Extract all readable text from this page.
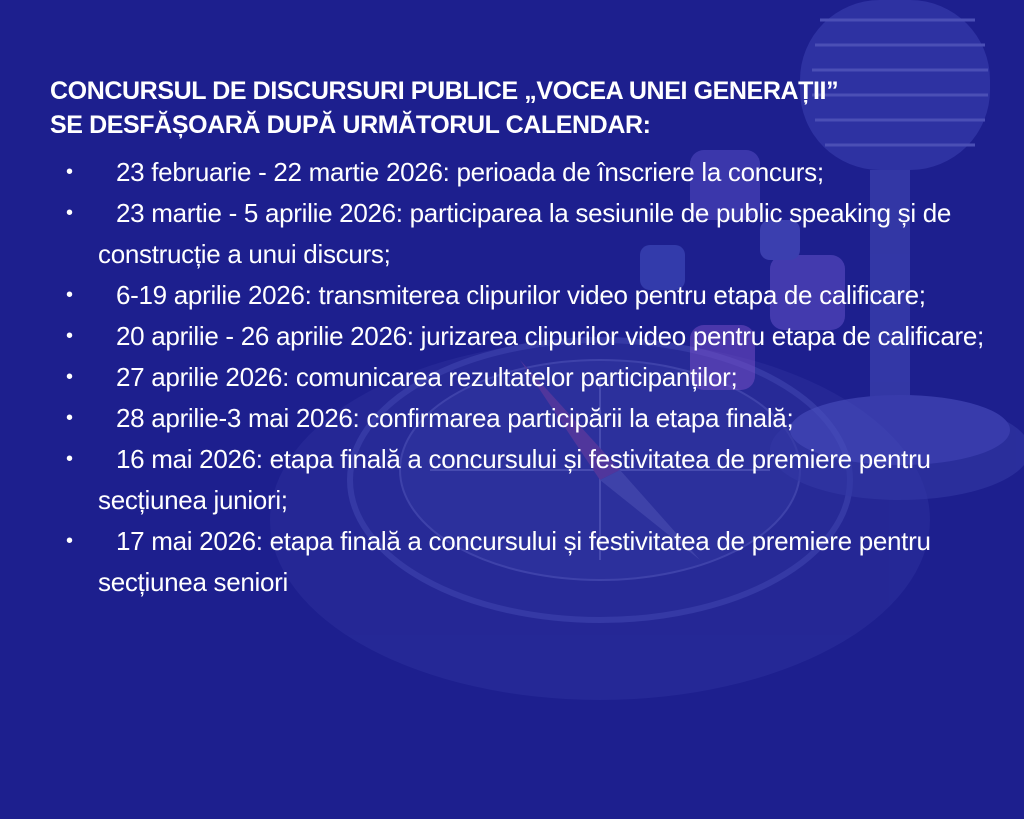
CONCURSUL DE DISCURSURI PUBLICE „VOCEA UNEI GENERAȚII”
SE DESFĂȘOARĂ DUPĂ URMĂTORUL CALENDAR:
•	23 februarie - 22 martie 2026: perioada de înscriere la concurs;
•	23 martie - 5 aprilie 2026: participarea la sesiunile de public speaking și de construcție a unui discurs;
•	6-19 aprilie 2026: transmiterea clipurilor video pentru etapa de calificare;
•	20 aprilie - 26 aprilie 2026: jurizarea clipurilor video pentru etapa de calificare;
•	27 aprilie 2026: comunicarea rezultatelor participanților;
•	28 aprilie-3 mai 2026: confirmarea participării la etapa finală;
•	16 mai 2026: etapa finală a concursului și festivitatea de premiere pentru secțiunea juniori;
•	17 mai 2026: etapa finală a concursului și festivitatea de premiere pentru secțiunea seniori
